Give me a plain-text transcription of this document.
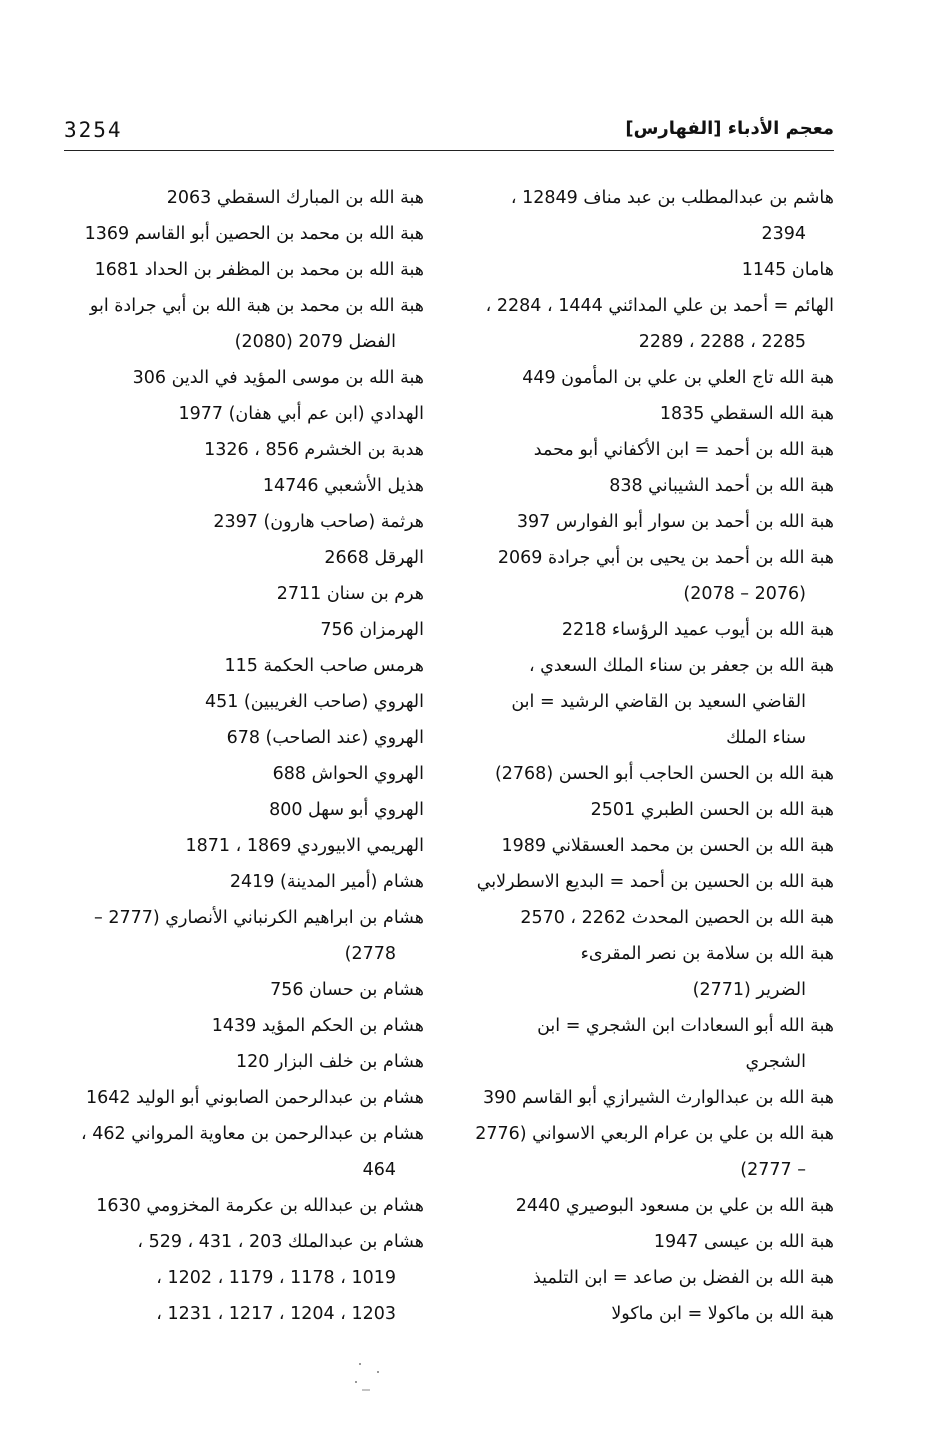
3254	معجم الأدباء [الفهارس]
هاشم بن عبدالمطلب بن عبد مناف 12849 ،
2394
هامان 1145
الهائم = أحمد بن علي المدائني 1444 ، 2284 ،
2285 ، 2288 ، 2289
هبة الله تاج العلي بن علي بن المأمون 449
هبة الله السقطي 1835
هبة الله بن أحمد = ابن الأكفاني أبو محمد
هبة الله بن أحمد الشيباني 838
هبة الله بن أحمد بن سوار أبو الفوارس 397
هبة الله بن أحمد بن يحيى بن أبي جرادة 2069
(2076 – 2078)
هبة الله بن أيوب عميد الرؤساء 2218
هبة الله بن جعفر بن سناء الملك السعدي ،
القاضي السعيد بن القاضي الرشيد = ابن
سناء الملك
هبة الله بن الحسن الحاجب أبو الحسن (2768)
هبة الله بن الحسن الطبري 2501
هبة الله بن الحسن بن محمد العسقلاني 1989
هبة الله بن الحسين بن أحمد = البديع الاسطرلابي
هبة الله بن الحصين المحدث 2262 ، 2570
هبة الله بن سلامة بن نصر المقرىء
الضرير (2771)
هبة الله أبو السعادات ابن الشجري = ابن
الشجري
هبة الله بن عبدالوارث الشيرازي أبو القاسم 390
هبة الله بن علي بن عرام الربعي الاسواني (2776
– 2777)
هبة الله بن علي بن مسعود البوصيري 2440
هبة الله بن عيسى 1947
هبة الله بن الفضل بن صاعد = ابن التلميذ
هبة الله بن ماكولا = ابن ماكولا
هبة الله بن المبارك السقطي 2063
هبة الله بن محمد بن الحصين أبو القاسم 1369
هبة الله بن محمد بن المظفر بن الحداد 1681
هبة الله بن محمد بن هبة الله بن أبي جرادة ابو
الفضل 2079 (2080)
هبة الله بن موسى المؤيد في الدين 306
الهدادي (ابن عم أبي هفان) 1977
هدبة بن الخشرم 856 ، 1326
هذيل الأشعبي 14746
هرثمة (صاحب هارون) 2397
الهرقل 2668
هرم بن سنان 2711
الهرمزان 756
هرمس صاحب الحكمة 115
الهروي (صاحب الغريبين) 451
الهروي (عند الصاحب) 678
الهروي الحواش 688
الهروي أبو سهل 800
الهريمي الابيوردي 1869 ، 1871
هشام (أمير المدينة) 2419
هشام بن ابراهيم الكرنباني الأنصاري (2777 –
2778)
هشام بن حسان 756
هشام بن الحكم المؤيد 1439
هشام بن خلف البزار 120
هشام بن عبدالرحمن الصابوني أبو الوليد 1642
هشام بن عبدالرحمن بن معاوية المرواني 462 ،
464
هشام بن عبدالله بن عكرمة المخزومي 1630
هشام بن عبدالملك 203 ، 431 ، 529 ،
1019 ، 1178 ، 1179 ، 1202 ،
1203 ، 1204 ، 1217 ، 1231 ،
